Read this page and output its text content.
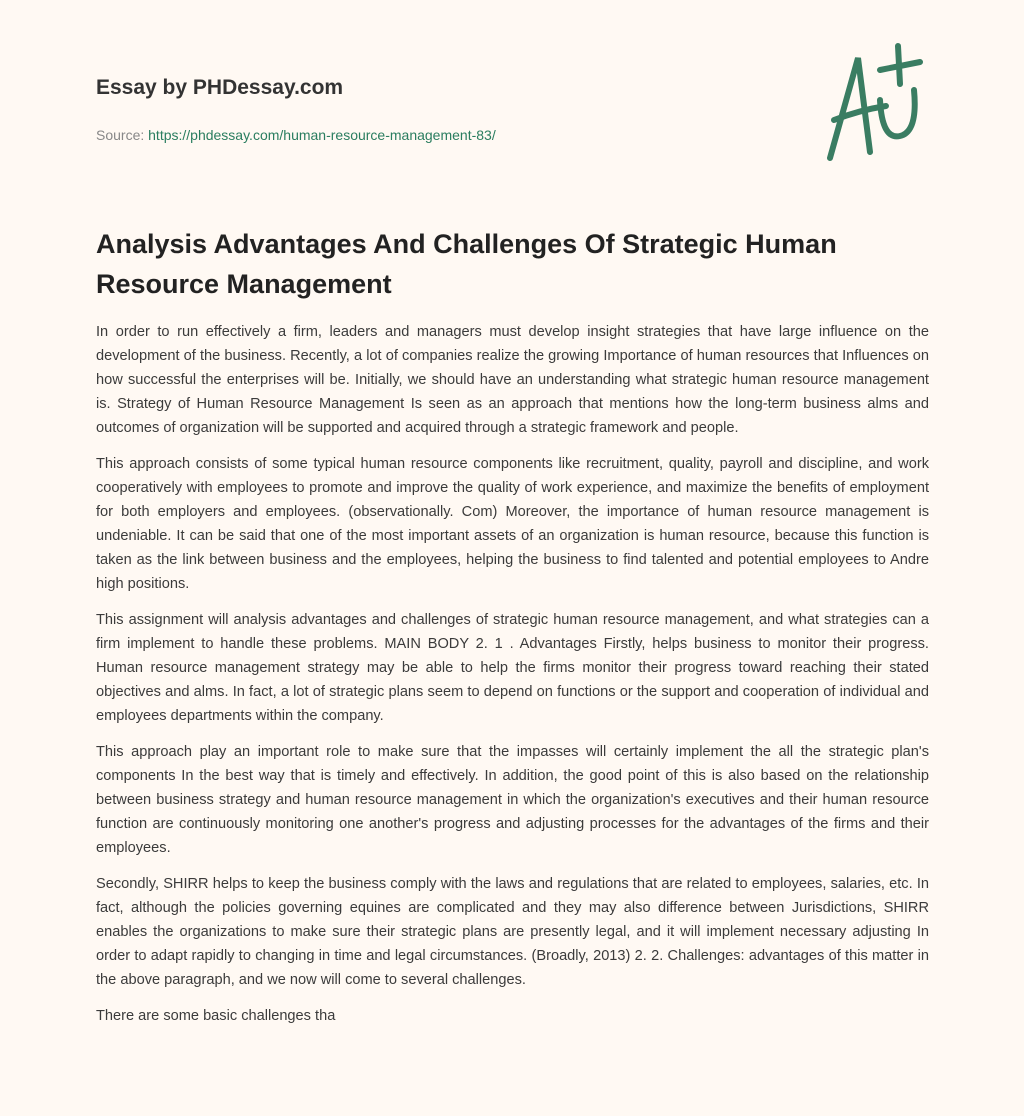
Essay by PHDessay.com
Source: https://phdessay.com/human-resource-management-83/
Analysis Advantages And Challenges Of Strategic Human Resource Management

In order to run effectively a firm, leaders and managers must develop insight strategies that have large influence on the development of the business. Recently, a lot of companies realize the growing Importance of human resources that Influences on how successful the enterprises will be. Initially, we should have an understanding what strategic human resource management is. Strategy of Human Resource Management Is seen as an approach that mentions how the long-term business alms and outcomes of organization will be supported and acquired through a strategic framework and people.

This approach consists of some typical human resource components like recruitment, quality, payroll and discipline, and work cooperatively with employees to promote and improve the quality of work experience, and maximize the benefits of employment for both employers and employees. (observationally. Com) Moreover, the importance of human resource management is undeniable. It can be said that one of the most important assets of an organization is human resource, because this function is taken as the link between business and the employees, helping the business to find talented and potential employees to Andre high positions.

This assignment will analysis advantages and challenges of strategic human resource management, and what strategies can a firm implement to handle these problems. MAIN BODY 2. 1 . Advantages Firstly, helps business to monitor their progress. Human resource management strategy may be able to help the firms monitor their progress toward reaching their stated objectives and alms. In fact, a lot of strategic plans seem to depend on functions or the support and cooperation of individual and employees departments within the company.

This approach play an important role to make sure that the impasses will certainly implement the all the strategic plan's components In the best way that is timely and effectively. In addition, the good point of this is also based on the relationship between business strategy and human resource management in which the organization's executives and their human resource function are continuously monitoring one another's progress and adjusting processes for the advantages of the firms and their employees.

Secondly, SHIRR helps to keep the business comply with the laws and regulations that are related to employees, salaries, etc. In fact, although the policies governing equines are complicated and they may also difference between Jurisdictions, SHIRR enables the organizations to make sure their strategic plans are presently legal, and it will implement necessary adjusting In order to adapt rapidly to changing in time and legal circumstances. (Broadly, 2013) 2. 2. Challenges: advantages of this matter in the above paragraph, and we now will come to several challenges.

There are some basic challenges tha
